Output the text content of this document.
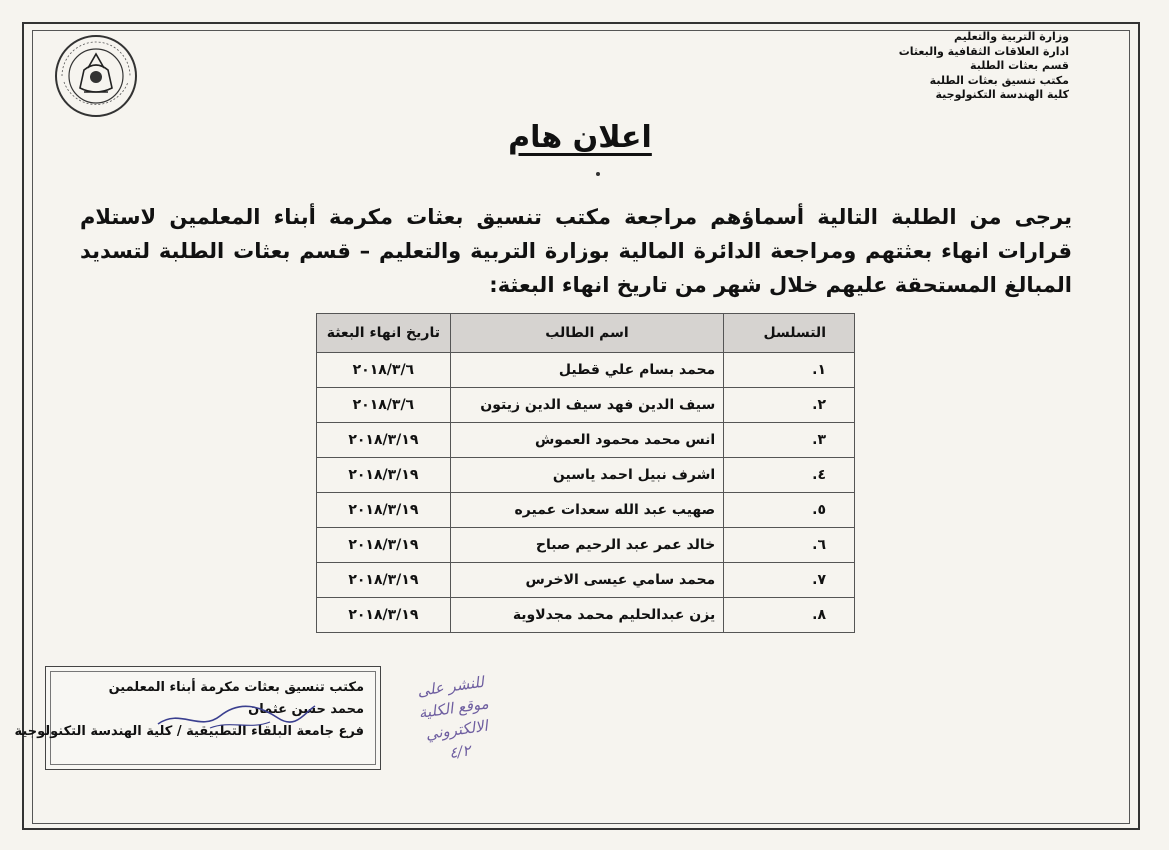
وزارة التربية والتعليم
ادارة العلاقات الثقافية والبعثات
قسم بعثات الطلبة
مكتب تنسيق بعثات الطلبة
كلية الهندسة التكنولوجية
اعلان هام
يرجى من الطلبة التالية أسماؤهم مراجعة مكتب تنسيق بعثات مكرمة أبناء المعلمين لاستلام قرارات انهاء بعثتهم ومراجعة الدائرة المالية بوزارة التربية والتعليم – قسم بعثات الطلبة لتسديد المبالغ المستحقة عليهم خلال شهر من تاريخ انهاء البعثة:
التسلسل	اسم الطالب	تاريخ انهاء البعثة
١.	محمد بسام علي قطيل	٢٠١٨/٣/٦
٢.	سيف الدين فهد سيف الدين زيتون	٢٠١٨/٣/٦
٣.	انس محمد محمود العموش	٢٠١٨/٣/١٩
٤.	اشرف نبيل احمد ياسين	٢٠١٨/٣/١٩
٥.	صهيب عبد الله سعدات عميره	٢٠١٨/٣/١٩
٦.	خالد عمر عبد الرحيم صباح	٢٠١٨/٣/١٩
٧.	محمد سامي عيسى الاخرس	٢٠١٨/٣/١٩
٨.	يزن عبدالحليم محمد مجدلاوية	٢٠١٨/٣/١٩
مكتب تنسيق بعثات مكرمة أبناء المعلمين
محمد حسن عثمان
فرع جامعة البلقاء التطبيقية / كلية الهندسة التكنولوجية
للنشر على
موقع الكلية
الالكتروني
٤/٢
